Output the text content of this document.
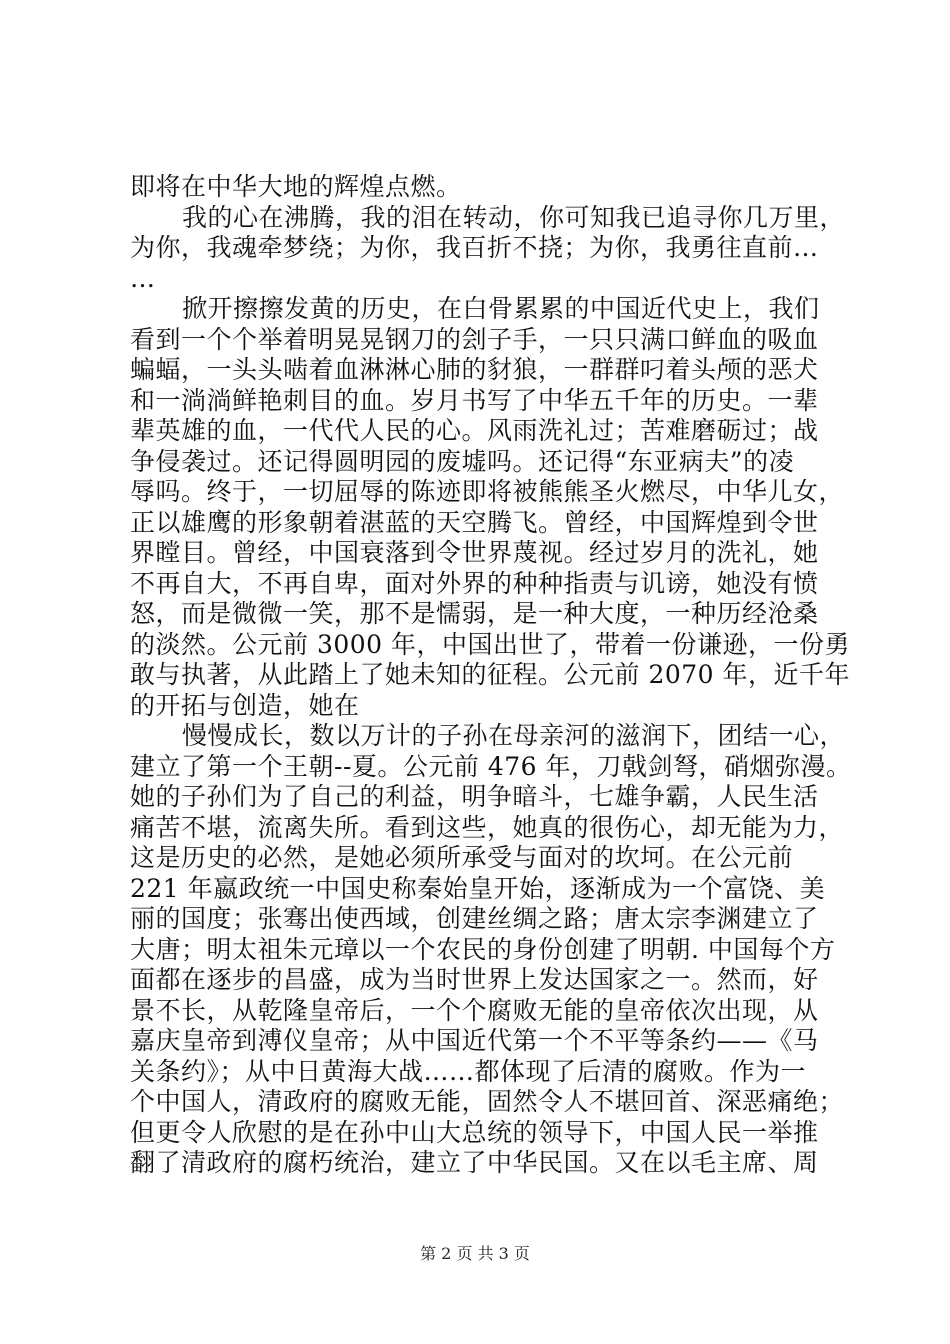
即将在中华大地的辉煌点燃。
我的心在沸腾，我的泪在转动，你可知我已追寻你几万里，
为你，我魂牵梦绕；为你，我百折不挠；为你，我勇往直前…
…
掀开擦擦发黄的历史，在白骨累累的中国近代史上，我们
看到一个个举着明晃晃钢刀的刽子手，一只只满口鲜血的吸血
蝙蝠，一头头啮着血淋淋心肺的豺狼，一群群叼着头颅的恶犬
和一淌淌鲜艳刺目的血。岁月书写了中华五千年的历史。一辈
辈英雄的血，一代代人民的心。风雨洗礼过；苦难磨砺过；战
争侵袭过。还记得圆明园的废墟吗。还记得“东亚病夫”的凌
辱吗。终于，一切屈辱的陈迹即将被熊熊圣火燃尽，中华儿女，
正以雄鹰的形象朝着湛蓝的天空腾飞。曾经，中国辉煌到令世
界瞠目。曾经，中国衰落到令世界蔑视。经过岁月的洗礼，她
不再自大，不再自卑，面对外界的种种指责与讥谤，她没有愤
怒，而是微微一笑，那不是懦弱，是一种大度，一种历经沧桑
的淡然。公元前 3000 年，中国出世了，带着一份谦逊，一份勇
敢与执著，从此踏上了她未知的征程。公元前 2070 年，近千年
的开拓与创造，她在
慢慢成长，数以万计的子孙在母亲河的滋润下，团结一心，
建立了第一个王朝--夏。公元前 476 年，刀戟剑弩，硝烟弥漫。
她的子孙们为了自己的利益，明争暗斗，七雄争霸，人民生活
痛苦不堪，流离失所。看到这些，她真的很伤心，却无能为力，
这是历史的必然，是她必须所承受与面对的坎坷。在公元前
221 年嬴政统一中国史称秦始皇开始，逐渐成为一个富饶、美
丽的国度；张骞出使西域，创建丝绸之路；唐太宗李渊建立了
大唐；明太祖朱元璋以一个农民的身份创建了明朝. 中国每个方
面都在逐步的昌盛，成为当时世界上发达国家之一。然而，好
景不长，从乾隆皇帝后，一个个腐败无能的皇帝依次出现，从
嘉庆皇帝到溥仪皇帝；从中国近代第一个不平等条约——《马
关条约》；从中日黄海大战……都体现了后清的腐败。作为一
个中国人，清政府的腐败无能，固然令人不堪回首、深恶痛绝；
但更令人欣慰的是在孙中山大总统的领导下，中国人民一举推
翻了清政府的腐朽统治，建立了中华民国。又在以毛主席、周
第 2 页 共 3 页
